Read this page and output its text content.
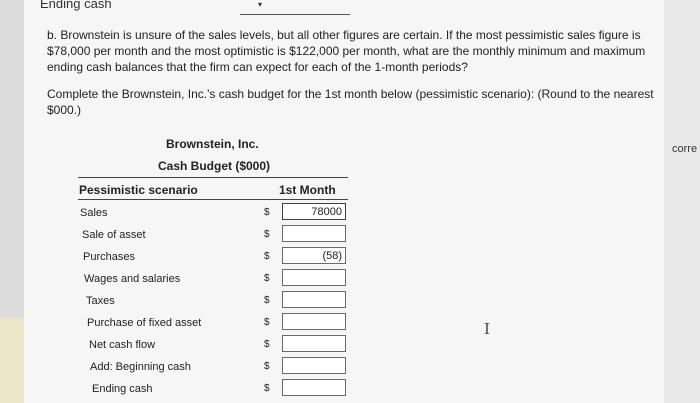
Ending cash	▾
b. Brownstein is unsure of the sales levels, but all other figures are certain. If the most pessimistic sales figure is $78,000 per month and the most optimistic is $122,000 per month, what are the monthly minimum and maximum ending cash balances that the firm can expect for each of the 1-month periods?
Complete the Brownstein, Inc.'s cash budget for the 1st month below (pessimistic scenario): (Round to the nearest $000.)
Brownstein, Inc.
Cash Budget ($000)
Pessimistic scenario	1st Month
Sales	$	78000
Sale of asset	$
Purchases	$	(58)
Wages and salaries	$
Taxes	$
Purchase of fixed asset	$
Net cash flow	$
Add: Beginning cash	$
Ending cash	$
corre
I
